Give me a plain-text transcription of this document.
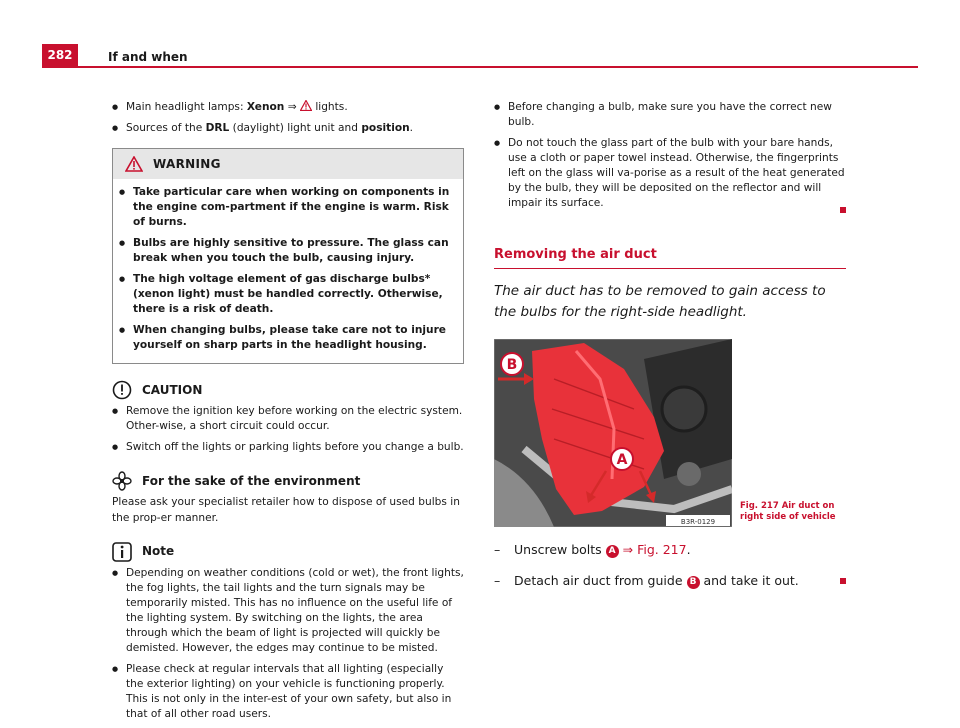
282	If and when
● Main headlight lamps: Xenon ⇒  lights.
● Sources of the DRL (daylight) light unit and position.
WARNING
● Take particular care when working on components in the engine com-partment if the engine is warm. Risk of burns.
● Bulbs are highly sensitive to pressure. The glass can break when you touch the bulb, causing injury.
● The high voltage element of gas discharge bulbs* (xenon light) must be handled correctly. Otherwise, there is a risk of death.
● When changing bulbs, please take care not to injure yourself on sharp parts in the headlight housing.
CAUTION
● Remove the ignition key before working on the electric system. Other-wise, a short circuit could occur.
● Switch off the lights or parking lights before you change a bulb.
For the sake of the environment
Please ask your specialist retailer how to dispose of used bulbs in the prop-er manner.
Note
● Depending on weather conditions (cold or wet), the front lights, the fog lights, the tail lights and the turn signals may be temporarily misted. This has no influence on the useful life of the lighting system. By switching on the lights, the area through which the beam of light is projected will quickly be demisted. However, the edges may continue to be misted.
● Please check at regular intervals that all lighting (especially the exterior lighting) on your vehicle is functioning properly. This is not only in the inter-est of your own safety, but also in that of all other road users.
● Before changing a bulb, make sure you have the correct new bulb.
● Do not touch the glass part of the bulb with your bare hands, use a cloth or paper towel instead. Otherwise, the fingerprints left on the glass will va-porise as a result of the heat generated by the bulb, they will be deposited on the reflector and will impair its surface.
Removing the air duct
The air duct has to be removed to gain access to the bulbs for the right-side headlight.
B
A
B3R-0129
Fig. 217 Air duct on
right side of vehicle
– Unscrew bolts A ⇒ Fig. 217.
– Detach air duct from guide B and take it out.
